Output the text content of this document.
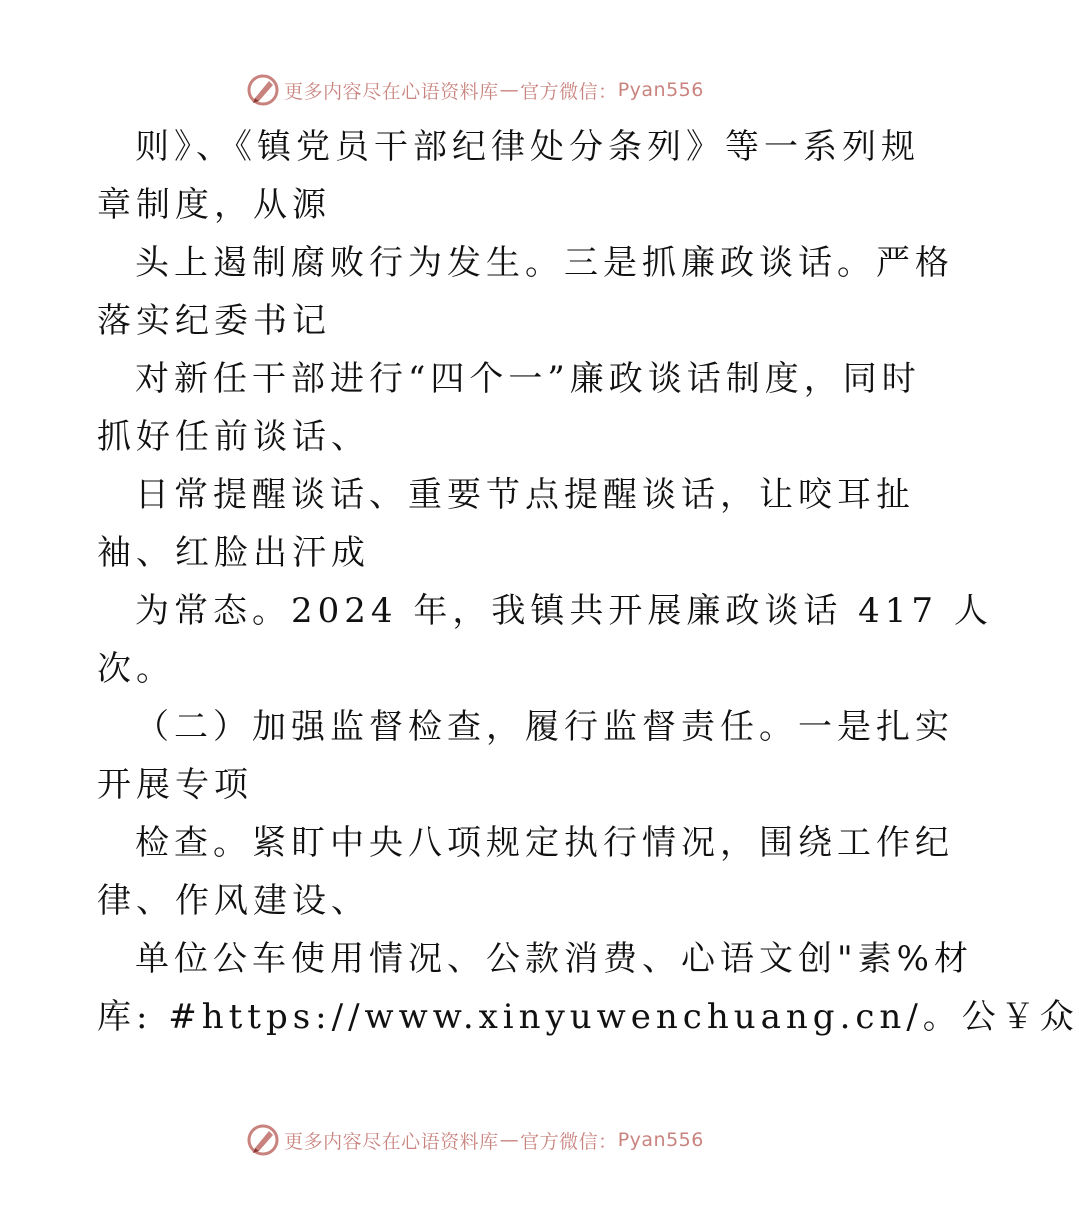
更多内容尽在心语资料库 — 官方微信： Pyan556
则》、《镇党员干部纪律处分条列》等一系列规
章制度，从源
头上遏制腐败行为发生。三是抓廉政谈话。严格
落实纪委书记
对新任干部进行“四个一”廉政谈话制度，同时
抓好任前谈话、
日常提醒谈话、重要节点提醒谈话，让咬耳扯
袖、红脸出汗成
为常态。2024 年，我镇共开展廉政谈话 417 人
次。
（二）加强监督检查，履行监督责任。一是扎实
开展专项
检查。紧盯中央八项规定执行情况，围绕工作纪
律、作风建设、
单位公车使用情况、公款消费、心语文创"素%材
库: #https://www.xinyuwenchuang.cn/。公￥众
更多内容尽在心语资料库 — 官方微信： Pyan556
